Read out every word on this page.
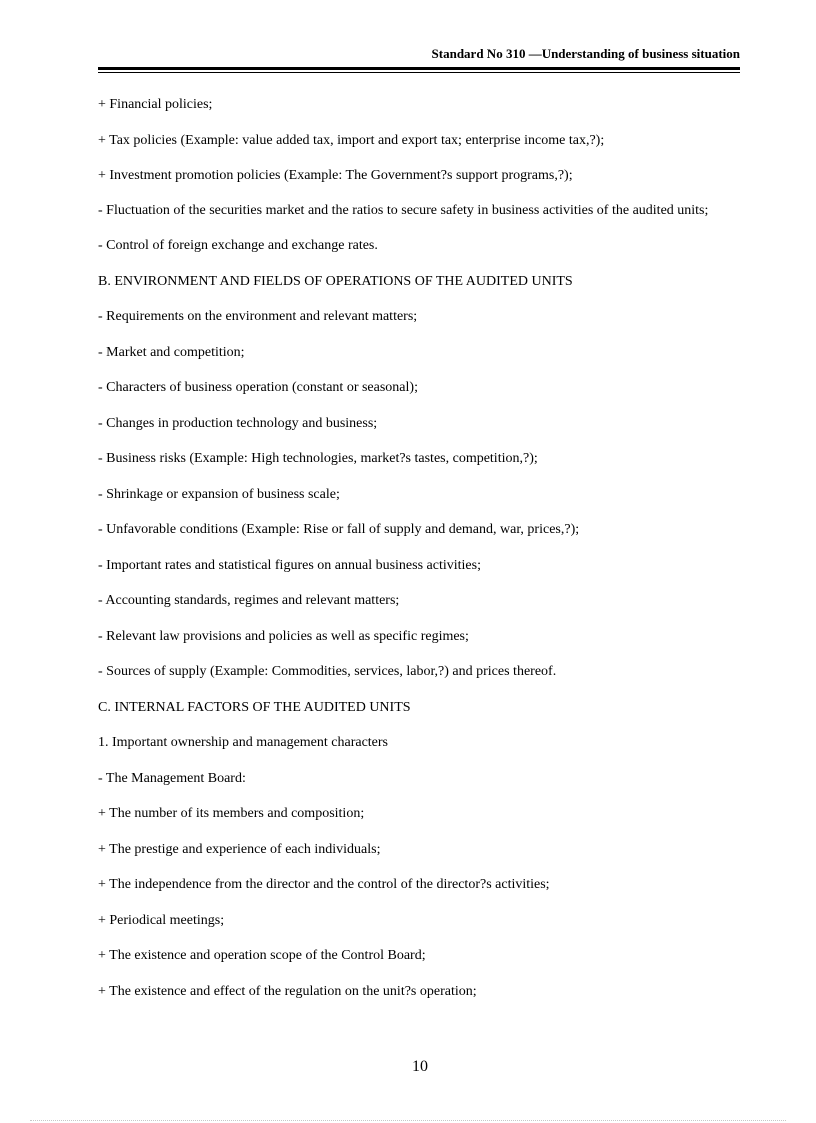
Standard No 310 —Understanding of business situation

+ Financial policies;

+ Tax policies (Example: value added tax, import and export tax; enterprise income tax,?);

+ Investment promotion policies (Example: The Government?s support programs,?);

- Fluctuation of the securities market and the ratios to secure safety in business activities of the audited units;

- Control of foreign exchange and exchange rates.

B. ENVIRONMENT AND FIELDS OF OPERATIONS OF THE AUDITED UNITS

- Requirements on the environment and relevant matters;

- Market and competition;

- Characters of business operation (constant or seasonal);

- Changes in production technology and business;

- Business risks (Example: High technologies, market?s tastes, competition,?);

- Shrinkage or expansion of business scale;

- Unfavorable conditions (Example: Rise or fall of supply and demand, war, prices,?);

- Important rates and statistical figures on annual business activities;

- Accounting standards, regimes and relevant matters;

- Relevant law provisions and policies as well as specific regimes;

- Sources of supply (Example: Commodities, services, labor,?) and prices thereof.

C. INTERNAL FACTORS OF THE AUDITED UNITS

1. Important ownership and management characters

- The Management Board:

+ The number of its members and composition;

+ The prestige and experience of each individuals;

+ The independence from the director and the control of the director?s activities;

+ Periodical meetings;

+ The existence and operation scope of the Control Board;

+ The existence and effect of the regulation on the unit?s operation;

10
